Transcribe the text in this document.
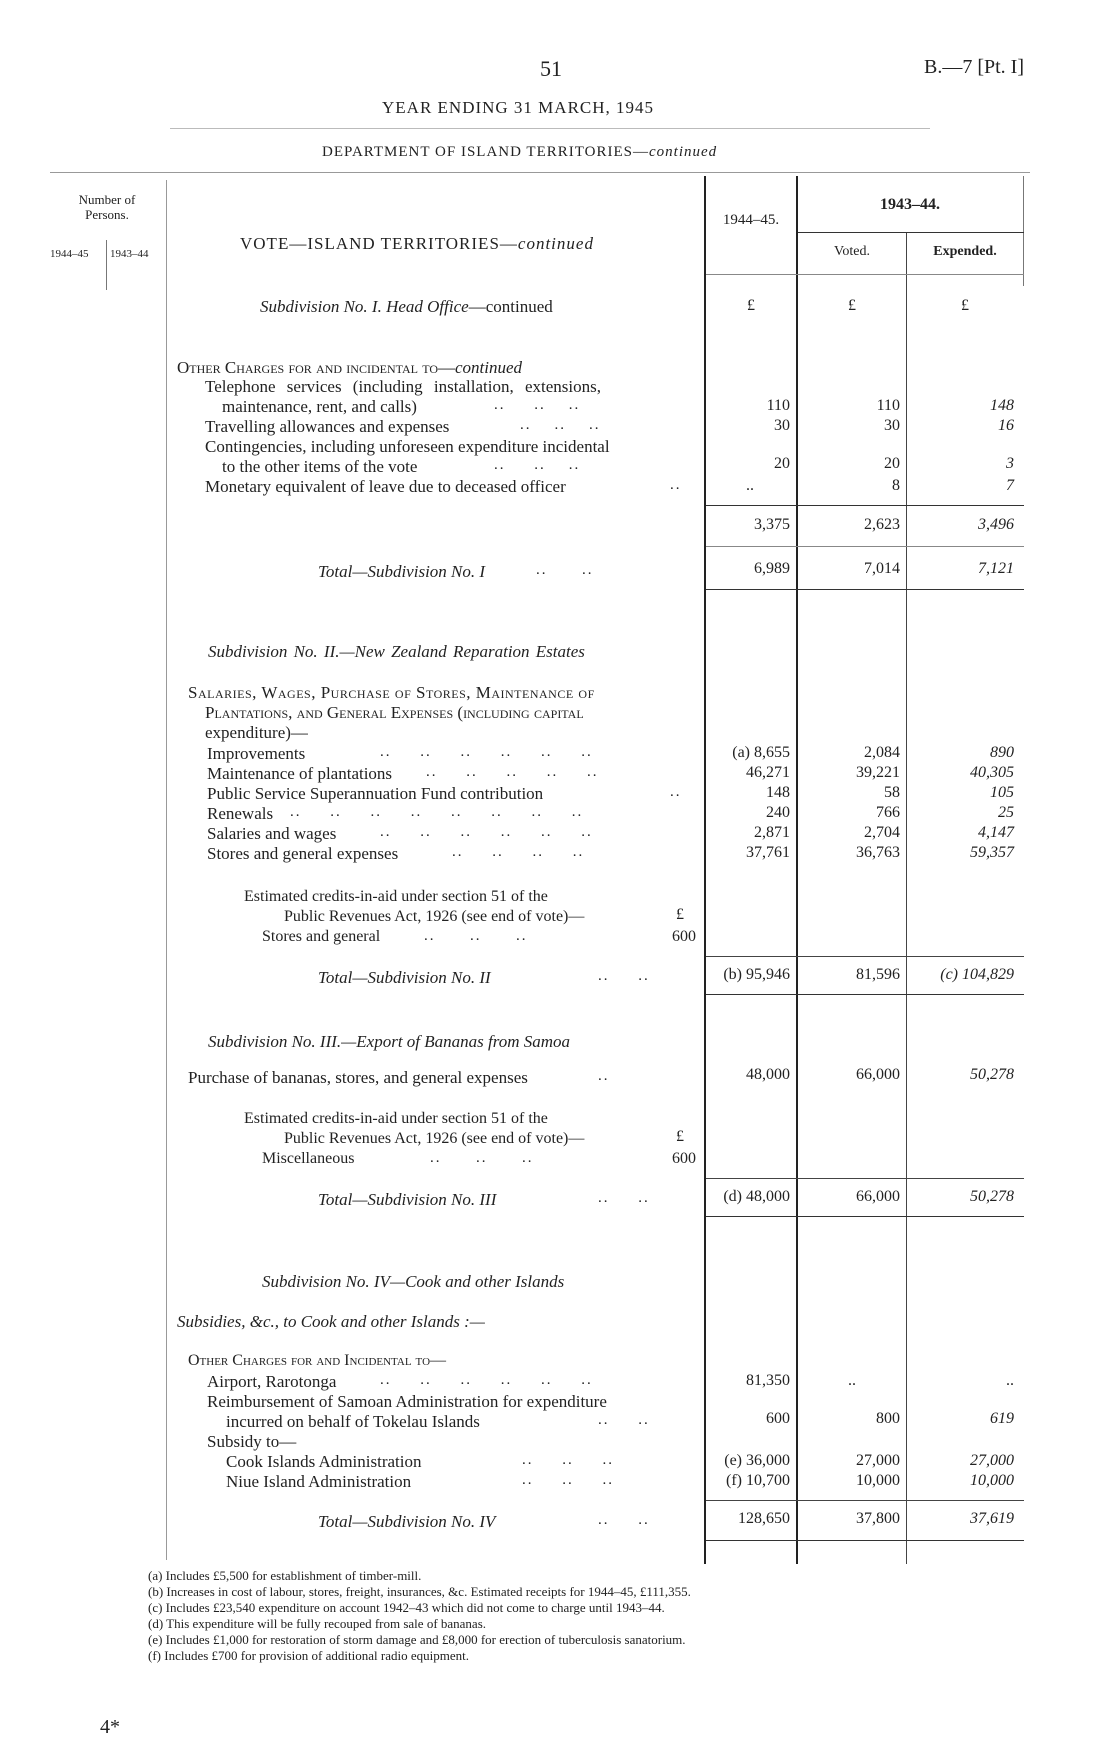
51	B.—7 [Pt. I]
YEAR ENDING 31 MARCH, 1945
DEPARTMENT OF ISLAND TERRITORIES—continued
Number of Persons.
1944–45 1943–44
VOTE—ISLAND TERRITORIES—continued
1944–45.
1943–44.
Voted.	Expended.
Subdivision No. I. Head Office—continued	£	£	£
Other Charges for and incidental to—continued
Telephone services (including installation, extensions,
maintenance, rent, and calls)	..     ..    ..	110	110	148
Travelling allowances and expenses	..    ..    ..	30	30	16
Contingencies, including unforeseen expenditure incidental
to the other items of the vote	..     ..    ..	20	20	3
Monetary equivalent of leave due to deceased officer	..	..	8	7
3,375	2,623	3,496
Total—Subdivision No. I	..      ..	6,989	7,014	7,121
Subdivision No. II.—New Zealand Reparation Estates
Salaries, Wages, Purchase of Stores, Maintenance of
Plantations, and General Expenses (including capital
expenditure)—
Improvements	..     ..     ..     ..     ..     ..	(a) 8,655	2,084	890
Maintenance of plantations ..     ..     ..     ..     ..	46,271	39,221	40,305
Public Service Superannuation Fund contribution	..	148	58	105
Renewals ..     ..     ..     ..     ..     ..     ..     ..	240	766	25
Salaries and wages	..     ..     ..     ..     ..     ..	2,871	2,704	4,147
Stores and general expenses	..     ..     ..     ..	37,761	36,763	59,357
Estimated credits-in-aid under section 51 of the
Public Revenues Act, 1926 (see end of vote)—	£
Stores and general	..      ..      ..	600
Total—Subdivision No. II	..     ..	(b) 95,946	81,596	(c) 104,829
Subdivision No. III.—Export of Bananas from Samoa
Purchase of bananas, stores, and general expenses	..	48,000	66,000	50,278
Estimated credits-in-aid under section 51 of the
Public Revenues Act, 1926 (see end of vote)—	£
Miscellaneous	..      ..      ..	600
Total—Subdivision No. III	..     ..	(d) 48,000	66,000	50,278
Subdivision No. IV—Cook and other Islands
Subsidies, &c., to Cook and other Islands :—
Other Charges for and Incidental to—
Airport, Rarotonga	..     ..     ..     ..     ..     ..	81,350	..	..
Reimbursement of Samoan Administration for expenditure
incurred on behalf of Tokelau Islands	..     ..	600	800	619
Subsidy to—
Cook Islands Administration	..     ..     ..	(e) 36,000	27,000	27,000
Niue Island Administration	..     ..     ..	(f) 10,700	10,000	10,000
Total—Subdivision No. IV	..     ..	128,650	37,800	37,619
(a) Includes £5,500 for establishment of timber-mill.
(b) Increases in cost of labour, stores, freight, insurances, &c. Estimated receipts for 1944–45, £111,355.
(c) Includes £23,540 expenditure on account 1942–43 which did not come to charge until 1943–44.
(d) This expenditure will be fully recouped from sale of bananas.
(e) Includes £1,000 for restoration of storm damage and £8,000 for erection of tuberculosis sanatorium.
(f) Includes £700 for provision of additional radio equipment.
4*
